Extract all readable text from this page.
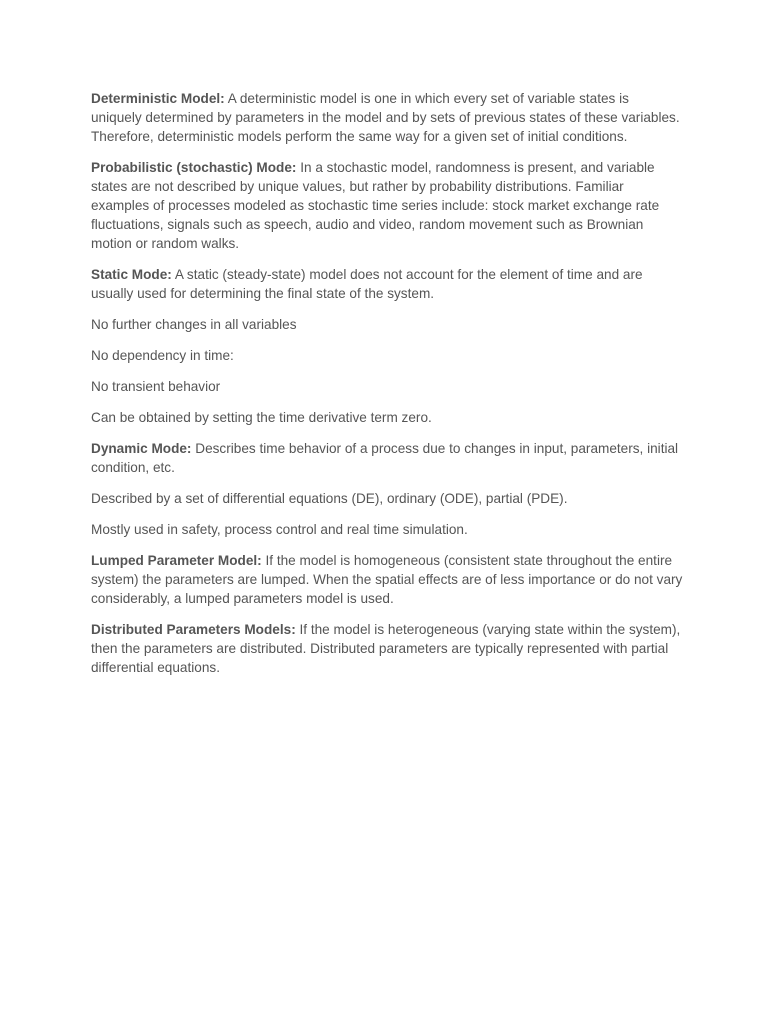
Deterministic Model: A deterministic model is one in which every set of variable states is uniquely determined by parameters in the model and by sets of previous states of these variables. Therefore, deterministic models perform the same way for a given set of initial conditions.

Probabilistic (stochastic) Mode: In a stochastic model, randomness is present, and variable states are not described by unique values, but rather by probability distributions. Familiar examples of processes modeled as stochastic time series include: stock market exchange rate fluctuations, signals such as speech, audio and video, random movement such as Brownian motion or random walks.

Static Mode: A static (steady-state) model does not account for the element of time and are usually used for determining the final state of the system.

No further changes in all variables

No dependency in time:

No transient behavior

Can be obtained by setting the time derivative term zero.

Dynamic Mode: Describes time behavior of a process due to changes in input, parameters, initial condition, etc.

Described by a set of differential equations (DE), ordinary (ODE), partial (PDE).

Mostly used in safety, process control and real time simulation.

Lumped Parameter Model: If the model is homogeneous (consistent state throughout the entire system) the parameters are lumped. When the spatial effects are of less importance or do not vary considerably, a lumped parameters model is used.

Distributed Parameters Models: If the model is heterogeneous (varying state within the system), then the parameters are distributed. Distributed parameters are typically represented with partial differential equations.
